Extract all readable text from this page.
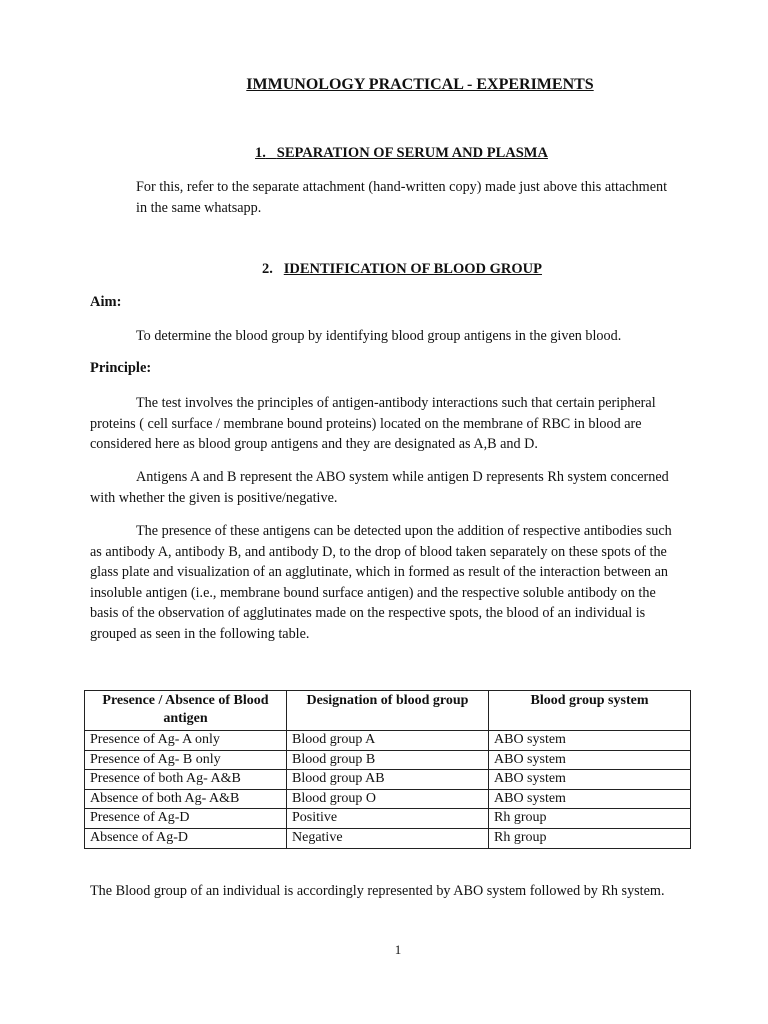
IMMUNOLOGY PRACTICAL - EXPERIMENTS
1. SEPARATION OF SERUM AND PLASMA
For this, refer to the separate attachment (hand-written copy) made just above this attachment
in the same whatsapp.
2. IDENTIFICATION OF BLOOD GROUP
Aim:
To determine the blood group by identifying blood group antigens in the given blood.
Principle:
The test involves the principles of antigen-antibody interactions such that certain peripheral
proteins ( cell surface / membrane bound proteins) located on the membrane of RBC in blood are
considered here as blood group antigens and they are designated as A,B and D.
Antigens A and B represent the ABO system while antigen D represents Rh system concerned
with whether the given is positive/negative.
The presence of these antigens can be detected upon the addition of respective antibodies such
as antibody A, antibody B, and antibody D, to the drop of blood taken separately on these spots of the
glass plate and visualization of an agglutinate, which in formed as result of the interaction between an
insoluble antigen (i.e., membrane bound surface antigen) and the respective soluble antibody on the
basis of the observation of agglutinates made on the respective spots, the blood of an individual is
grouped as seen in the following table.
Presence / Absence of Blood antigen	Designation of blood group	Blood group system
Presence of Ag- A only	Blood group A	ABO system
Presence of Ag- B only	Blood group B	ABO system
Presence of both Ag- A&B	Blood group AB	ABO system
Absence of both Ag- A&B	Blood group O	ABO system
Presence of Ag-D	Positive	Rh group
Absence of Ag-D	Negative	Rh group
The Blood group of an individual is accordingly represented by ABO system followed by Rh system.
1
